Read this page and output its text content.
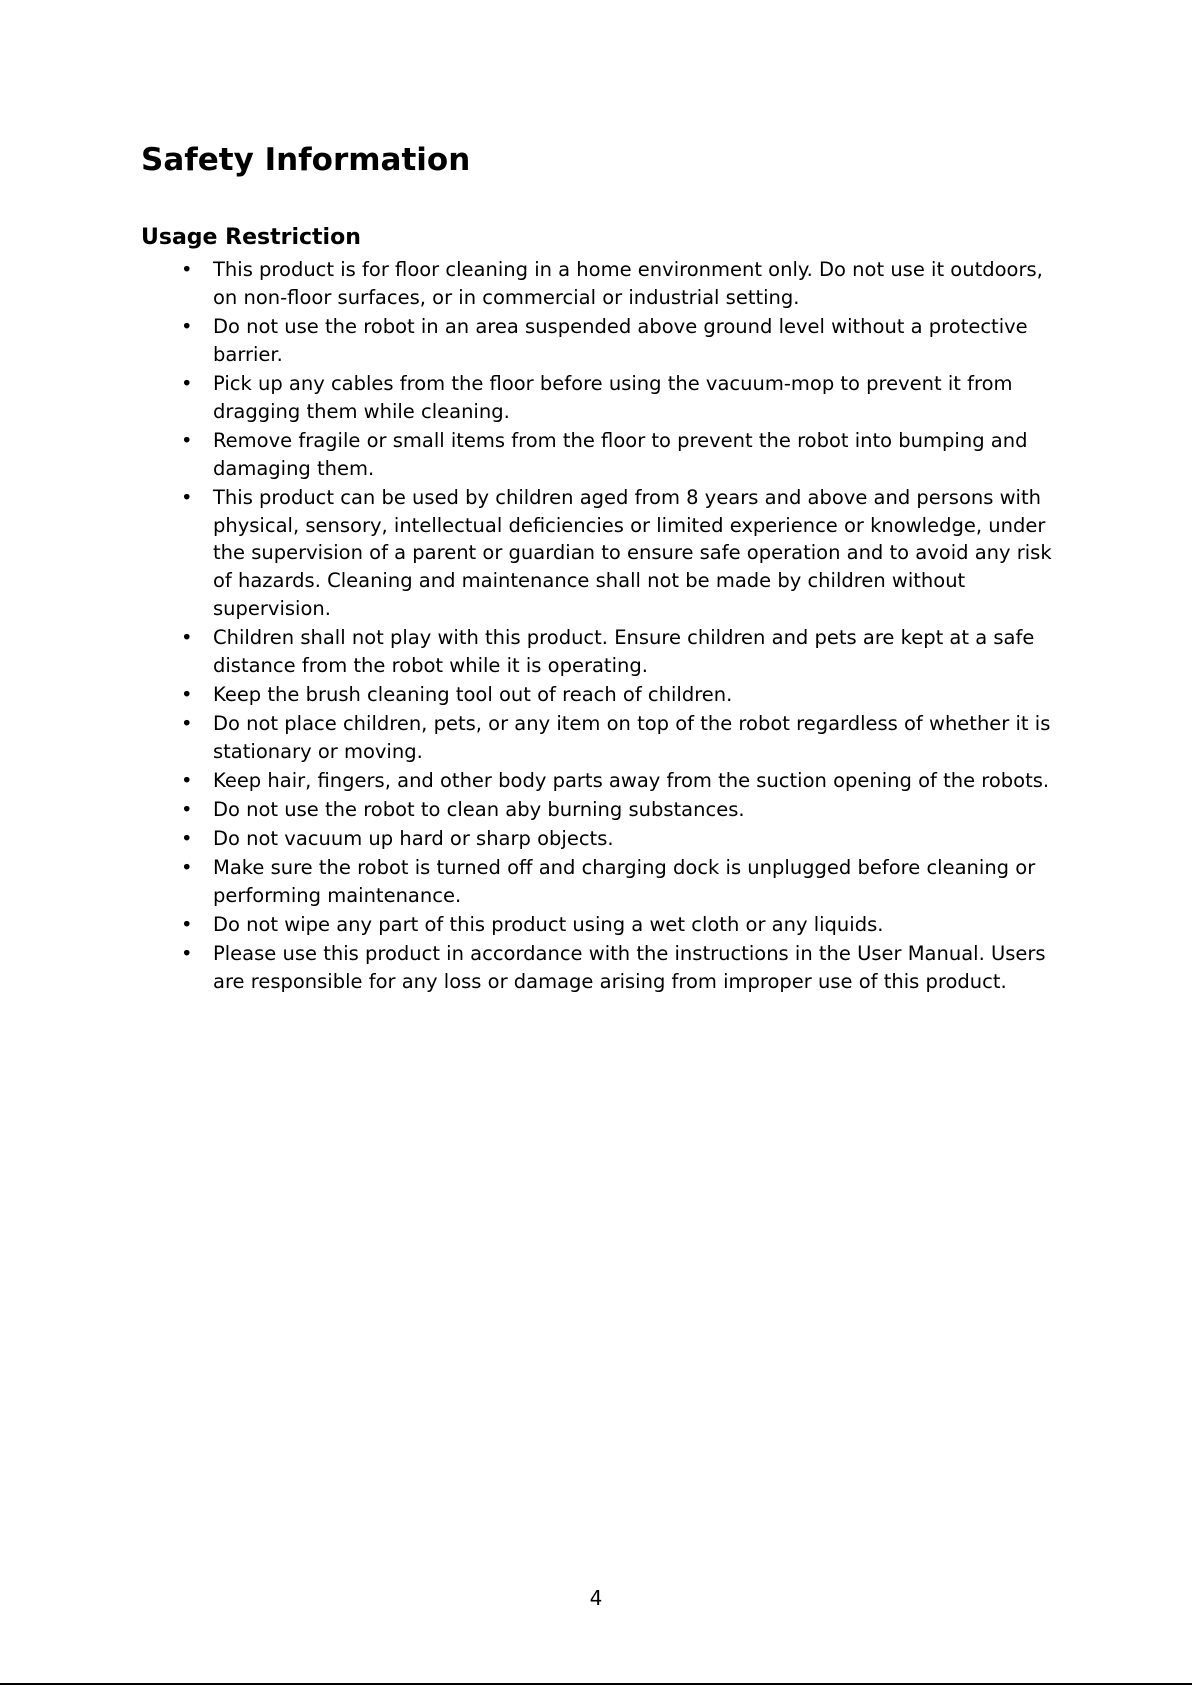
Safety Information
Usage Restriction
• This product is for floor cleaning in a home environment only. Do not use it outdoors, on non-floor surfaces, or in commercial or industrial setting.
• Do not use the robot in an area suspended above ground level without a protective barrier.
• Pick up any cables from the floor before using the vacuum-mop to prevent it from dragging them while cleaning.
• Remove fragile or small items from the floor to prevent the robot into bumping and damaging them.
• This product can be used by children aged from 8 years and above and persons with physical, sensory, intellectual deficiencies or limited experience or knowledge, under the supervision of a parent or guardian to ensure safe operation and to avoid any risk of hazards. Cleaning and maintenance shall not be made by children without supervision.
• Children shall not play with this product. Ensure children and pets are kept at a safe distance from the robot while it is operating.
• Keep the brush cleaning tool out of reach of children.
• Do not place children, pets, or any item on top of the robot regardless of whether it is stationary or moving.
• Keep hair, fingers, and other body parts away from the suction opening of the robots.
• Do not use the robot to clean aby burning substances.
• Do not vacuum up hard or sharp objects.
• Make sure the robot is turned off and charging dock is unplugged before cleaning or performing maintenance.
• Do not wipe any part of this product using a wet cloth or any liquids.
• Please use this product in accordance with the instructions in the User Manual. Users are responsible for any loss or damage arising from improper use of this product.
4
